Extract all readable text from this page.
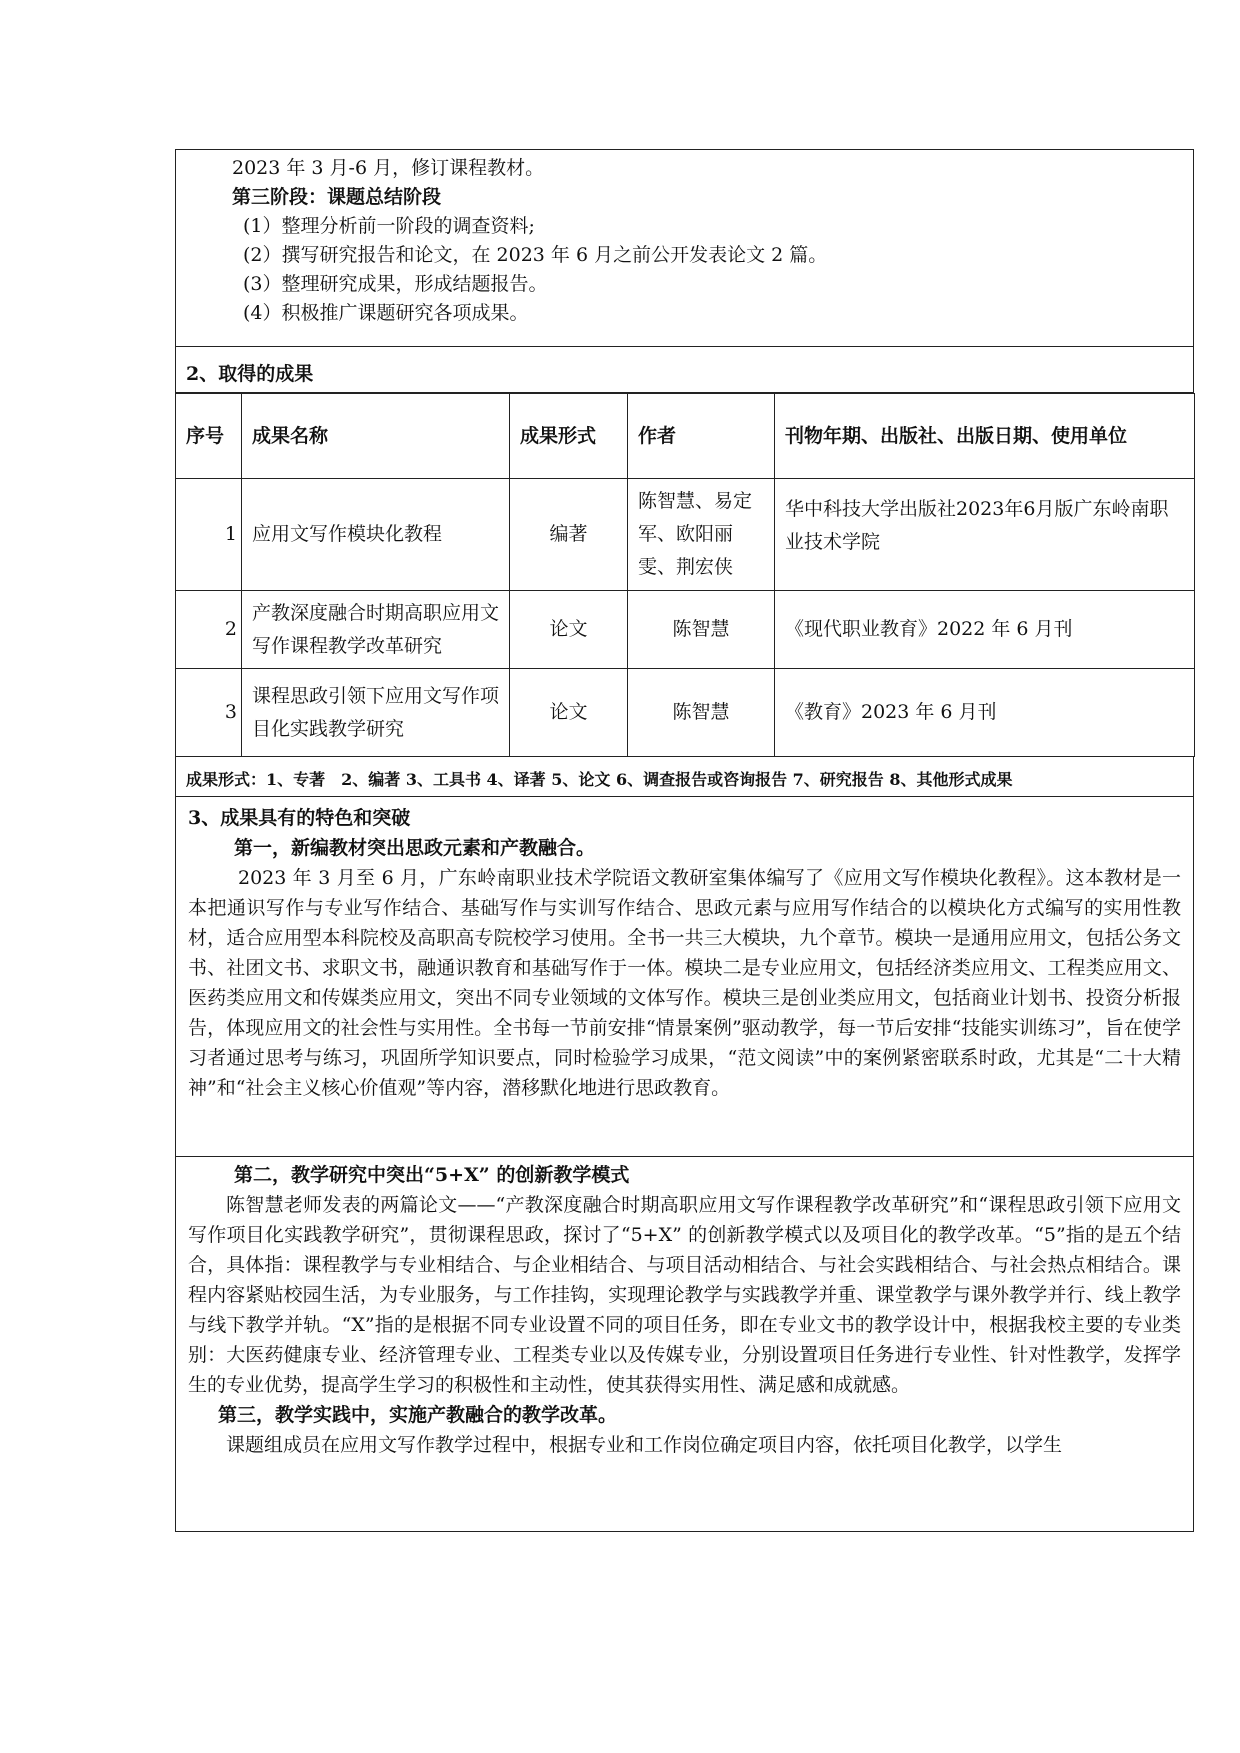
2023 年 3 月-6 月，修订课程教材。
第三阶段：课题总结阶段
(1）整理分析前一阶段的调查资料;
(2）撰写研究报告和论文，在 2023 年 6 月之前公开发表论文 2 篇。
(3）整理研究成果，形成结题报告。
(4）积极推广课题研究各项成果。
2、取得的成果
序号	成果名称	成果形式	作者	刊物年期、出版社、出版日期、使用单位
1	应用文写作模块化教程	编著	陈智慧、易定军、欧阳丽雯、荆宏侠	华中科技大学出版社2023年6月版广东岭南职业技术学院
2	产教深度融合时期高职应用文写作课程教学改革研究	论文	陈智慧	《现代职业教育》2022 年 6 月刊
3	课程思政引领下应用文写作项目化实践教学研究	论文	陈智慧	《教育》2023 年 6 月刊
成果形式：1、专著　2、编著 3、工具书 4、译著 5、论文 6、调查报告或咨询报告 7、研究报告 8、其他形式成果
3、成果具有的特色和突破
第一，新编教材突出思政元素和产教融合。
2023 年 3 月至 6 月，广东岭南职业技术学院语文教研室集体编写了《应用文写作模块化教程》。这本教材是一本把通识写作与专业写作结合、基础写作与实训写作结合、思政元素与应用写作结合的以模块化方式编写的实用性教材，适合应用型本科院校及高职高专院校学习使用。全书一共三大模块，九个章节。模块一是通用应用文，包括公务文书、社团文书、求职文书，融通识教育和基础写作于一体。模块二是专业应用文，包括经济类应用文、工程类应用文、医药类应用文和传媒类应用文，突出不同专业领域的文体写作。模块三是创业类应用文，包括商业计划书、投资分析报告，体现应用文的社会性与实用性。全书每一节前安排“情景案例”驱动教学，每一节后安排“技能实训练习”，旨在使学习者通过思考与练习，巩固所学知识要点，同时检验学习成果，“范文阅读”中的案例紧密联系时政，尤其是“二十大精神”和“社会主义核心价值观”等内容，潜移默化地进行思政教育。
第二，教学研究中突出“5+X” 的创新教学模式
陈智慧老师发表的两篇论文——“产教深度融合时期高职应用文写作课程教学改革研究”和“课程思政引领下应用文写作项目化实践教学研究”，贯彻课程思政，探讨了“5+X” 的创新教学模式以及项目化的教学改革。“5”指的是五个结合，具体指：课程教学与专业相结合、与企业相结合、与项目活动相结合、与社会实践相结合、与社会热点相结合。课程内容紧贴校园生活，为专业服务，与工作挂钩，实现理论教学与实践教学并重、课堂教学与课外教学并行、线上教学与线下教学并轨。“X”指的是根据不同专业设置不同的项目任务，即在专业文书的教学设计中，根据我校主要的专业类别：大医药健康专业、经济管理专业、工程类专业以及传媒专业，分别设置项目任务进行专业性、针对性教学，发挥学生的专业优势，提高学生学习的积极性和主动性，使其获得实用性、满足感和成就感。
第三，教学实践中，实施产教融合的教学改革。
课题组成员在应用文写作教学过程中，根据专业和工作岗位确定项目内容，依托项目化教学，以学生
